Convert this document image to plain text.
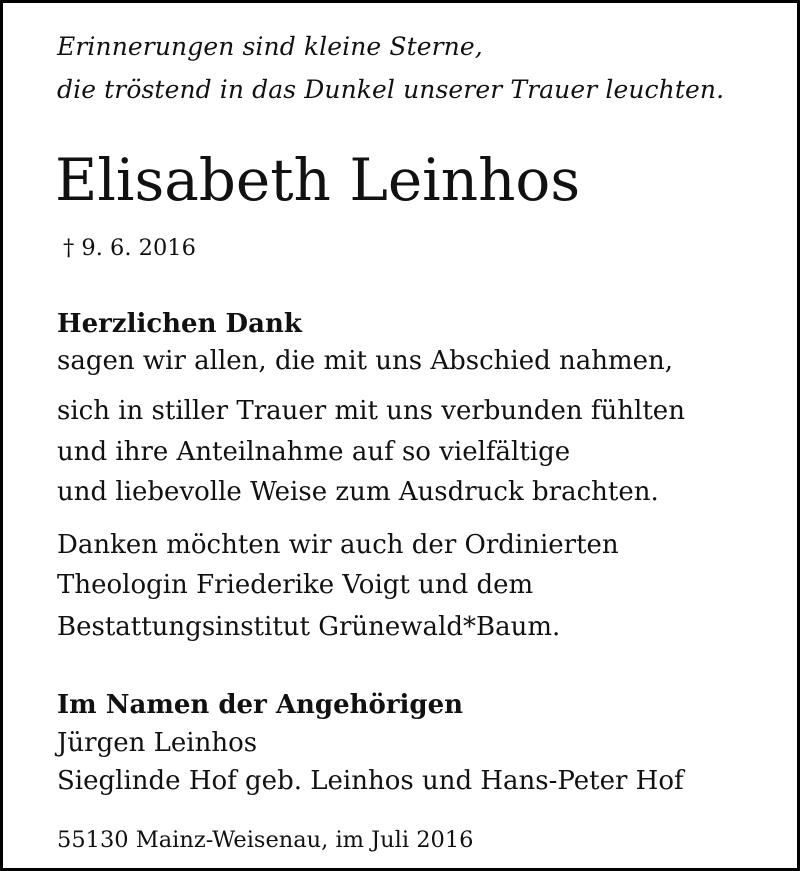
Erinnerungen sind kleine Sterne,
die tröstend in das Dunkel unserer Trauer leuchten.
Elisabeth Leinhos
† 9. 6. 2016
Herzlichen Dank
sagen wir allen, die mit uns Abschied nahmen,
sich in stiller Trauer mit uns verbunden fühlten
und ihre Anteilnahme auf so vielfältige
und liebevolle Weise zum Ausdruck brachten.
Danken möchten wir auch der Ordinierten
Theologin Friederike Voigt und dem
Bestattungsinstitut Grünewald*Baum.
Im Namen der Angehörigen
Jürgen Leinhos
Sieglinde Hof geb. Leinhos und Hans-Peter Hof
55130 Mainz-Weisenau, im Juli 2016
